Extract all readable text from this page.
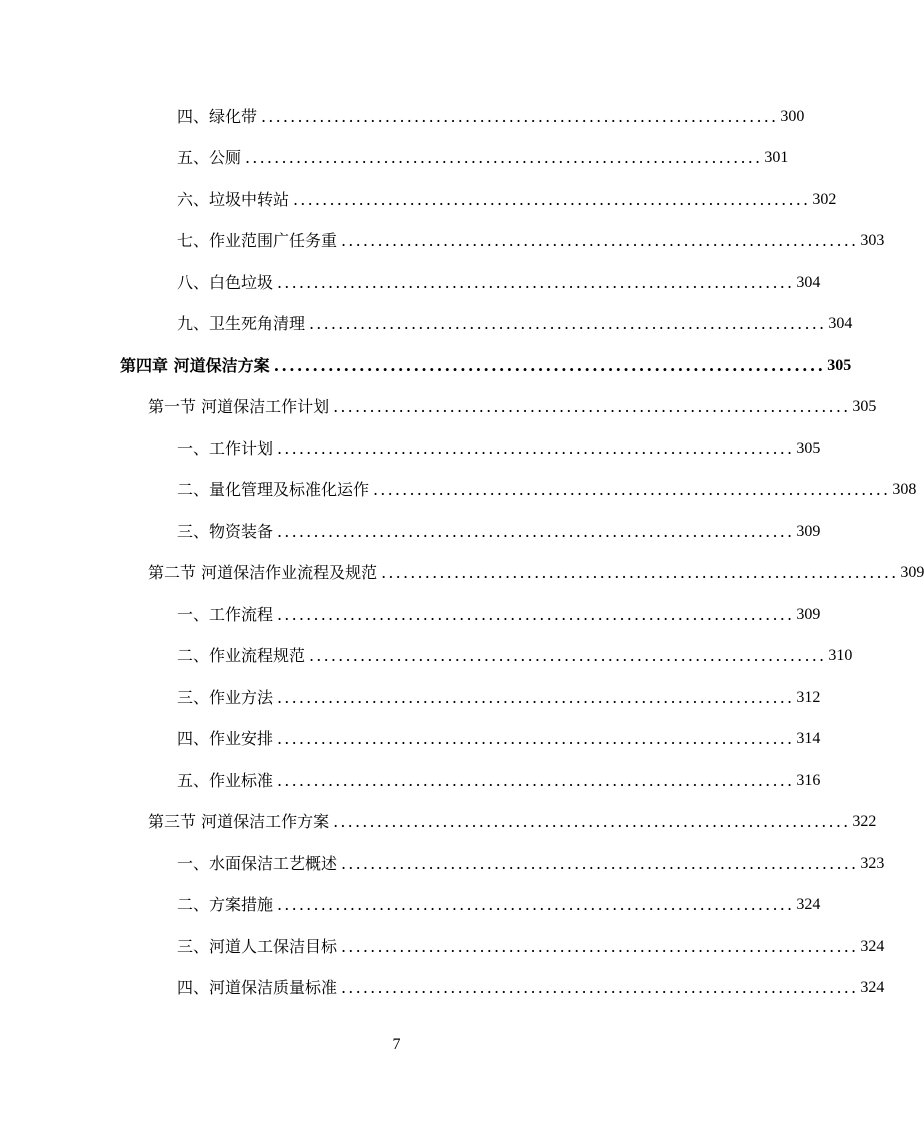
四、绿化带 ....................................................................... 300
五、公厕 ....................................................................... 301
六、垃圾中转站 ....................................................................... 302
七、作业范围广任务重 ....................................................................... 303
八、白色垃圾 ....................................................................... 304
九、卫生死角清理 ....................................................................... 304
第四章 河道保洁方案 ....................................................................... 305
第一节 河道保洁工作计划 ....................................................................... 305
一、工作计划 ....................................................................... 305
二、量化管理及标准化运作 ....................................................................... 308
三、物资装备 ....................................................................... 309
第二节 河道保洁作业流程及规范 ....................................................................... 309
一、工作流程 ....................................................................... 309
二、作业流程规范 ....................................................................... 310
三、作业方法 ....................................................................... 312
四、作业安排 ....................................................................... 314
五、作业标准 ....................................................................... 316
第三节 河道保洁工作方案 ....................................................................... 322
一、水面保洁工艺概述 ....................................................................... 323
二、方案措施 ....................................................................... 324
三、河道人工保洁目标 ....................................................................... 324
四、河道保洁质量标准 ....................................................................... 324
7
